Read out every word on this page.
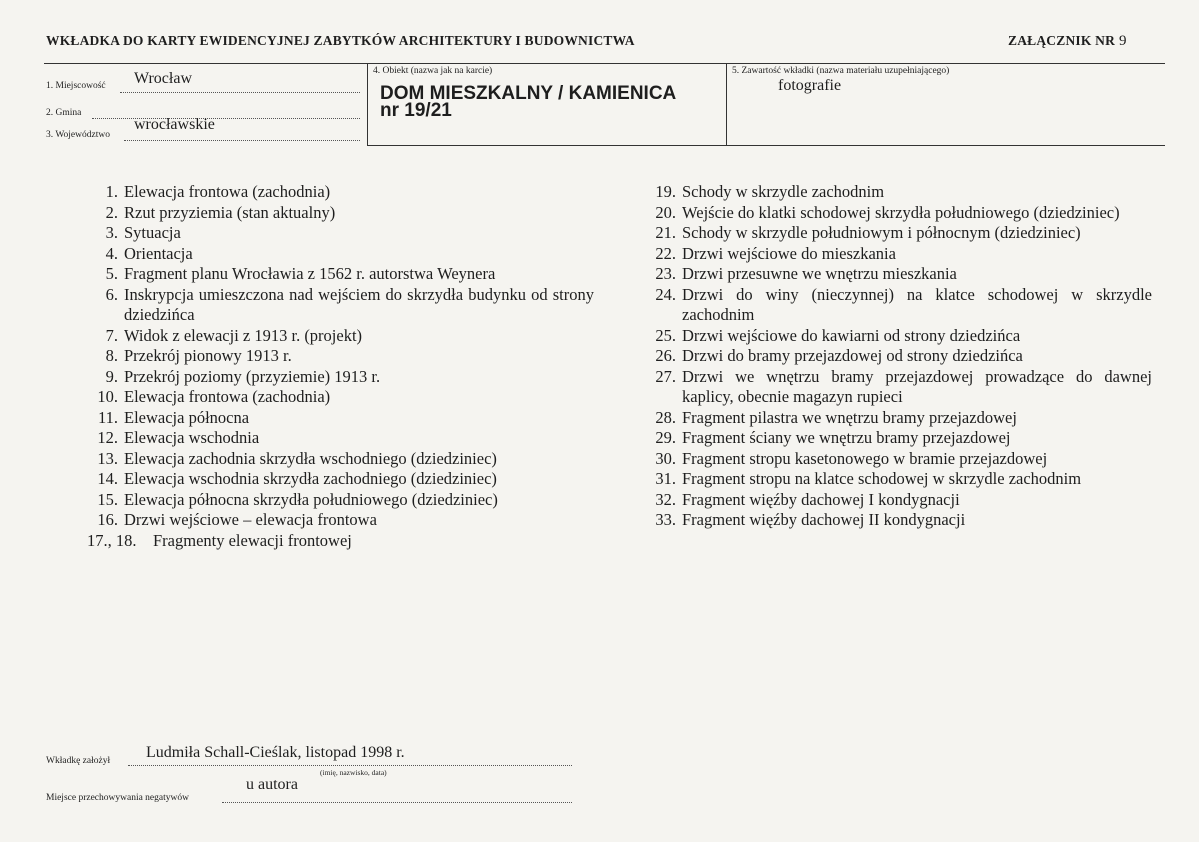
WKŁADKA DO KARTY EWIDENCYJNEJ ZABYTKÓW ARCHITEKTURY I BUDOWNICTWA	ZAŁĄCZNIK NR 9
1. Miejscowość Wrocław
2. Gmina
3. Województwo
wrocławskie
4. Obiekt (nazwa jak na karcie)
DOM MIESZKALNY / KAMIENICA
nr 19/21
5. Zawartość wkładki (nazwa materiału uzupełniającego)
fotografie
1. Elewacja frontowa (zachodnia)
2. Rzut przyziemia (stan aktualny)
3. Sytuacja
4. Orientacja
5. Fragment planu Wrocławia z 1562 r. autorstwa Weynera
6. Inskrypcja umieszczona nad wejściem do skrzydła budynku od strony dziedzińca
7. Widok z elewacji z 1913 r. (projekt)
8. Przekrój pionowy 1913 r.
9. Przekrój poziomy (przyziemie) 1913 r.
10. Elewacja frontowa (zachodnia)
11. Elewacja północna
12. Elewacja wschodnia
13. Elewacja zachodnia skrzydła wschodniego (dziedziniec)
14. Elewacja wschodnia skrzydła zachodniego (dziedziniec)
15. Elewacja północna skrzydła południowego (dziedziniec)
16. Drzwi wejściowe – elewacja frontowa
17., 18.	Fragmenty elewacji frontowej
19. Schody w skrzydle zachodnim
20. Wejście do klatki schodowej skrzydła południowego (dziedziniec)
21. Schody w skrzydle południowym i północnym (dziedziniec)
22. Drzwi wejściowe do mieszkania
23. Drzwi przesuwne we wnętrzu mieszkania
24. Drzwi do winy (nieczynnej) na klatce schodowej w skrzydle zachodnim
25. Drzwi wejściowe do kawiarni od strony dziedzińca
26. Drzwi do bramy przejazdowej od strony dziedzińca
27. Drzwi we wnętrzu bramy przejazdowej prowadzące do dawnej kaplicy, obecnie magazyn rupieci
28. Fragment pilastra we wnętrzu bramy przejazdowej
29. Fragment ściany we wnętrzu bramy przejazdowej
30. Fragment stropu kasetonowego w bramie przejazdowej
31. Fragment stropu na klatce schodowej w skrzydle zachodnim
32. Fragment więźby dachowej I kondygnacji
33. Fragment więźby dachowej II kondygnacji
Wkładkę założył Ludmiła Schall-Cieślak, listopad 1998 r.
(imię, nazwisko, data)
Miejsce przechowywania negatywów
u autora
